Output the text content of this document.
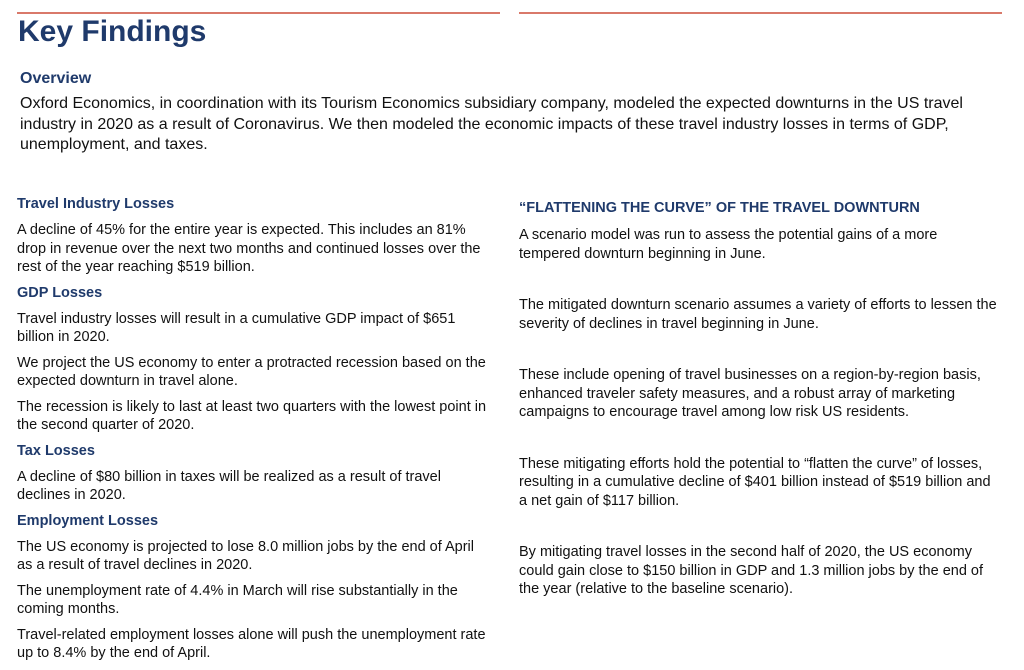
Key Findings
Overview

Oxford Economics, in coordination with its Tourism Economics subsidiary company, modeled the expected downturns in the US travel industry in 2020 as a result of Coronavirus. We then modeled the economic impacts of these travel industry losses in terms of GDP, unemployment, and taxes.

Travel Industry Losses

A decline of 45% for the entire year is expected. This includes an 81% drop in revenue over the next two months and continued losses over the rest of the year reaching $519 billion.

GDP Losses

Travel industry losses will result in a cumulative GDP impact of $651 billion in 2020.

We project the US economy to enter a protracted recession based on the expected downturn in travel alone.

The recession is likely to last at least two quarters with the lowest point in the second quarter of 2020.

Tax Losses

A decline of $80 billion in taxes will be realized as a result of travel declines in 2020.

Employment Losses

The US economy is projected to lose 8.0 million jobs by the end of April as a result of travel declines in 2020.

The unemployment rate of 4.4% in March will rise substantially in the coming months.

Travel-related employment losses alone will push the unemployment rate up to 8.4% by the end of April.

“FLATTENING THE CURVE” OF THE TRAVEL DOWNTURN

A scenario model was run to assess the potential gains of a more tempered downturn beginning in June.

The mitigated downturn scenario assumes a variety of efforts to lessen the severity of declines in travel beginning in June.

These include opening of travel businesses on a region-by-region basis, enhanced traveler safety measures, and a robust array of marketing campaigns to encourage travel among low risk US residents.

These mitigating efforts hold the potential to “flatten the curve” of losses, resulting in a cumulative decline of $401 billion instead of $519 billion and a net gain of $117 billion.

By mitigating travel losses in the second half of 2020, the US economy could gain close to $150 billion in GDP and 1.3 million jobs by the end of the year (relative to the baseline scenario).
